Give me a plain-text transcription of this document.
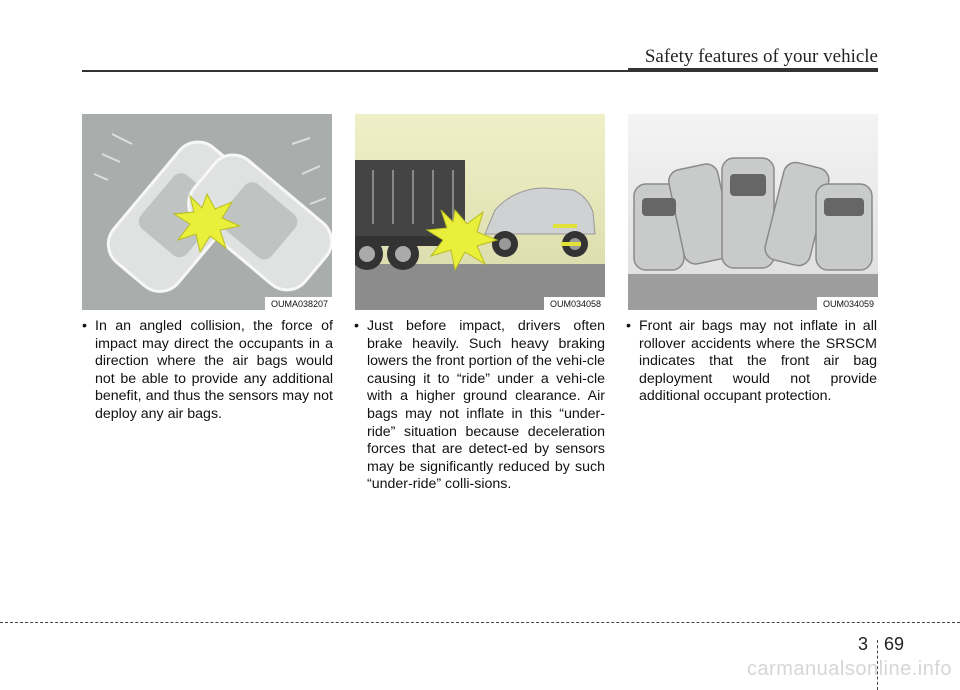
Safety features of your vehicle
OUMA038207	OUM034058	OUM034059
• In an angled collision, the force of impact may direct the occupants in a direction where the air bags would not be able to provide any additional benefit, and thus the sensors may not deploy any air bags.
• Just before impact, drivers often brake heavily. Such heavy braking lowers the front portion of the vehi-cle causing it to “ride” under a vehi-cle with a higher ground clearance. Air bags may not inflate in this “under-ride” situation because deceleration forces that are detect-ed by sensors may be significantly reduced by such “under-ride” colli-sions.
• Front air bags may not inflate in all rollover accidents where the SRSCM indicates that the front air bag deployment would not provide additional occupant protection.
3 69
carmanualsonline.info
